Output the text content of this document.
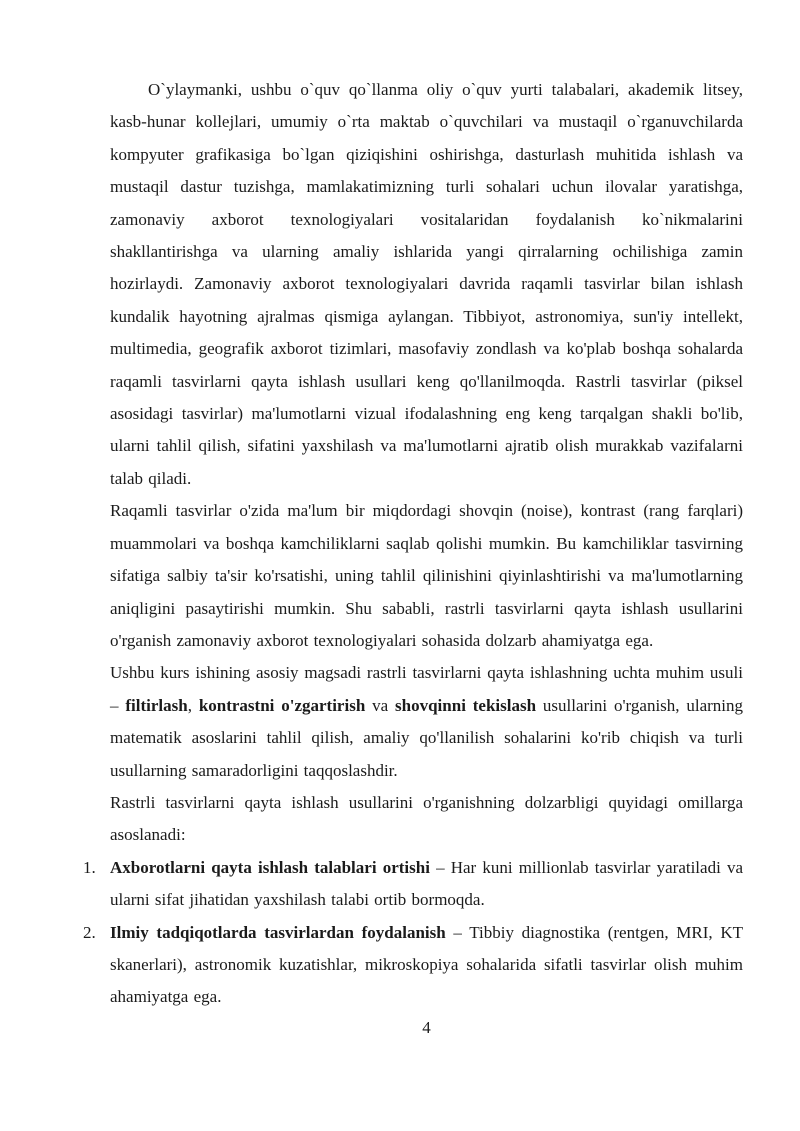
O`ylaymanki, ushbu o`quv qo`llanma oliy o`quv yurti talabalari, akademik litsey, kasb-hunar kollejlari, umumiy o`rta maktab o`quvchilari va mustaqil o`rganuvchilarda kompyuter grafikasiga bo`lgan qiziqishini oshirishga, dasturlash muhitida ishlash va mustaqil dastur tuzishga, mamlakatimizning turli sohalari uchun ilovalar yaratishga, zamonaviy axborot texnologiyalari vositalaridan foydalanish ko`nikmalarini shakllantirishga va ularning amaliy ishlarida yangi qirralarning ochilishiga zamin hozirlaydi. Zamonaviy axborot texnologiyalari davrida raqamli tasvirlar bilan ishlash kundalik hayotning ajralmas qismiga aylangan. Tibbiyot, astronomiya, sun'iy intellekt, multimedia, geografik axborot tizimlari, masofaviy zondlash va ko'plab boshqa sohalarda raqamli tasvirlarni qayta ishlash usullari keng qo'llanilmoqda. Rastrli tasvirlar (piksel asosidagi tasvirlar) ma'lumotlarni vizual ifodalashning eng keng tarqalgan shakli bo'lib, ularni tahlil qilish, sifatini yaxshilash va ma'lumotlarni ajratib olish murakkab vazifalarni talab qiladi.

Raqamli tasvirlar o'zida ma'lum bir miqdordagi shovqin (noise), kontrast (rang farqlari) muammolari va boshqa kamchiliklarni saqlab qolishi mumkin. Bu kamchiliklar tasvirning sifatiga salbiy ta'sir ko'rsatishi, uning tahlil qilinishini qiyinlashtirishi va ma'lumotlarning aniqligini pasaytirishi mumkin. Shu sababli, rastrli tasvirlarni qayta ishlash usullarini o'rganish zamonaviy axborot texnologiyalari sohasida dolzarb ahamiyatga ega.

Ushbu kurs ishining asosiy magsadi rastrli tasvirlarni qayta ishlashning uchta muhim usuli – filtirlash, kontrastni o'zgartirish va shovqinni tekislash usullarini o'rganish, ularning matematik asoslarini tahlil qilish, amaliy qo'llanilish sohalarini ko'rib chiqish va turli usullarning samaradorligini taqqoslashdir.

Rastrli tasvirlarni qayta ishlash usullarini o'rganishning dolzarbligi quyidagi omillarga asoslanadi:

1. Axborotlarni qayta ishlash talablari ortishi – Har kuni millionlab tasvirlar yaratiladi va ularni sifat jihatidan yaxshilash talabi ortib bormoqda.
2. Ilmiy tadqiqotlarda tasvirlardan foydalanish – Tibbiy diagnostika (rentgen, MRI, KT skanerlari), astronomik kuzatishlar, mikroskopiya sohalarida sifatli tasvirlar olish muhim ahamiyatga ega.
4
